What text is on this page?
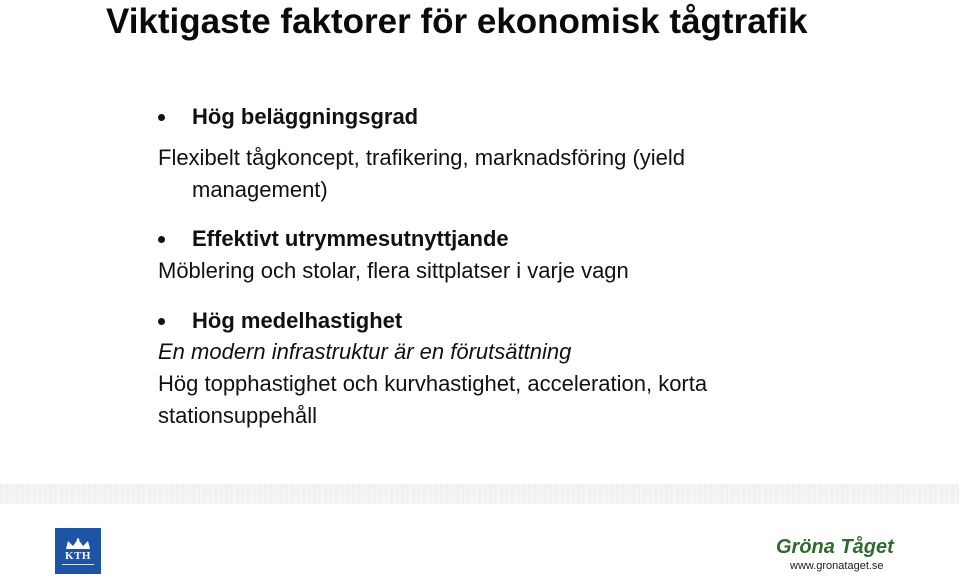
Viktigaste faktorer för ekonomisk tågtrafik
Hög beläggningsgrad

Flexibelt tågkoncept, trafikering, marknadsföring (yield

management)

Effektivt utrymmesutnyttjande

Möblering och stolar, flera sittplatser i varje vagn

Hög medelhastighet

En modern infrastruktur är en förutsättning

Hög topphastighet och kurvhastighet, acceleration, korta

stationsuppehåll

KTH	Gröna Tåget
www.gronataget.se
